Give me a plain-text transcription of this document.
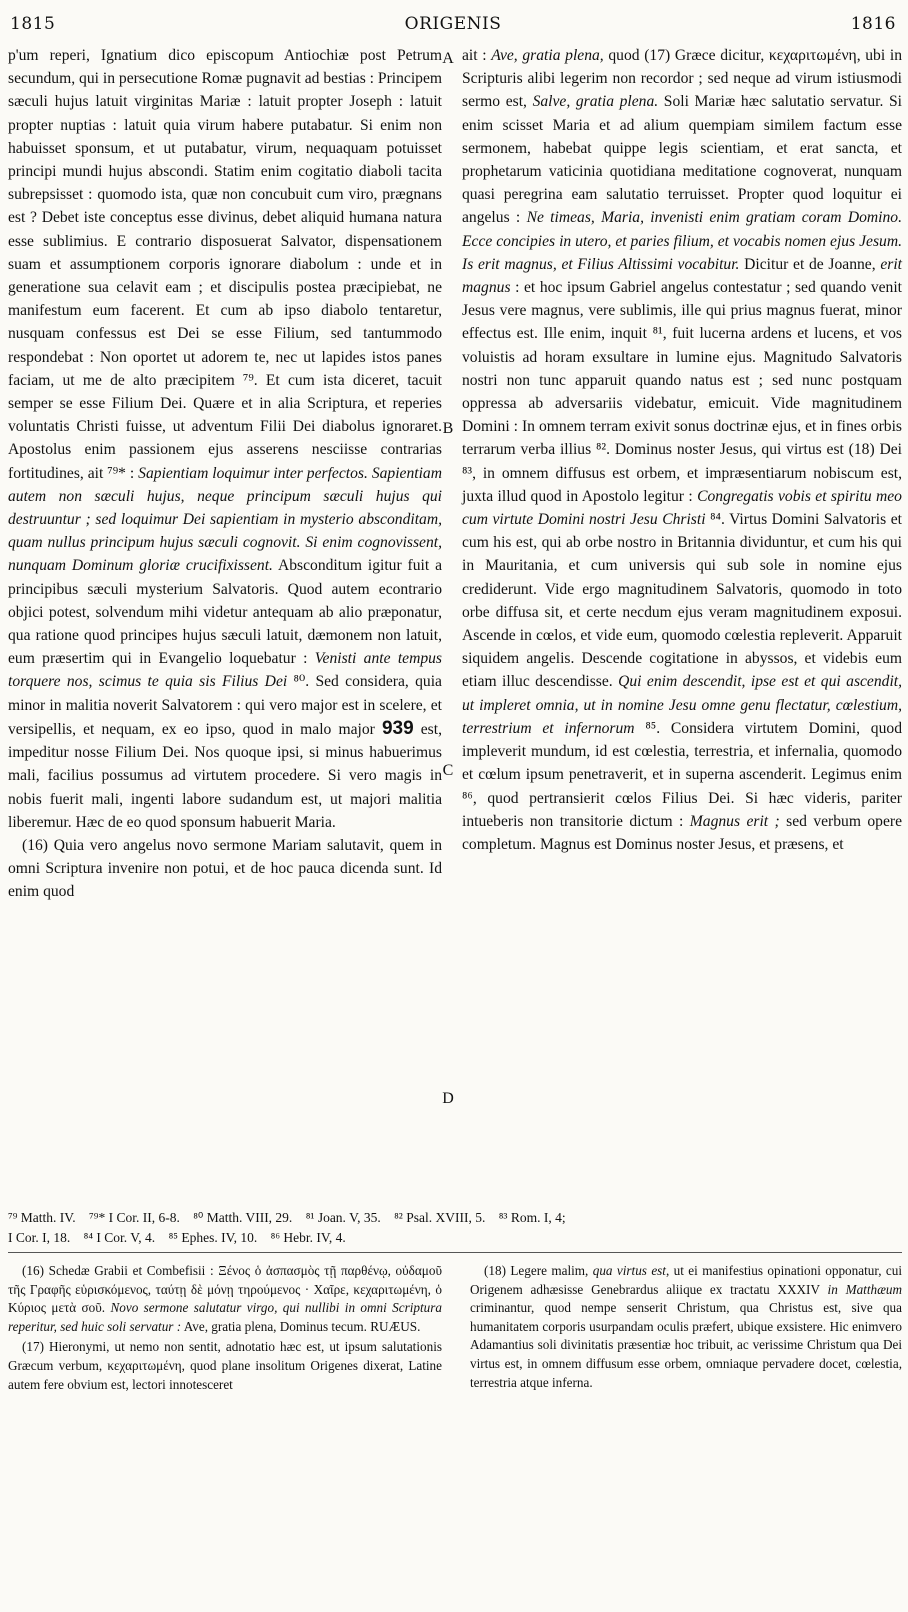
1815	ORIGENIS	1816
A
B
C
D

p'um reperi, Ignatium dico episcopum Antiochiæ post Petrum secundum, qui in persecutione Romæ pugnavit ad bestias : Principem sæculi hujus latuit virginitas Mariæ : latuit propter Joseph : latuit propter nuptias : latuit quia virum habere putabatur. Si enim non habuisset sponsum, et ut putabatur, virum, nequaquam potuisset principi mundi hujus abscondi. Statim enim cogitatio diaboli tacita subrepsisset : quomodo ista, quæ non concubuit cum viro, prægnans est ? Debet iste conceptus esse divinus, debet aliquid humana natura esse sublimius. E contrario disposuerat Salvator, dispensationem suam et assumptionem corporis ignorare diabolum : unde et in generatione sua celavit eam ; et discipulis postea præcipiebat, ne manifestum eum facerent. Et cum ab ipso diabolo tentaretur, nusquam confessus est Dei se esse Filium, sed tantummodo respondebat : Non oportet ut adorem te, nec ut lapides istos panes faciam, ut me de alto præcipitem ⁷⁹. Et cum ista diceret, tacuit semper se esse Filium Dei. Quære et in alia Scriptura, et reperies voluntatis Christi fuisse, ut adventum Filii Dei diabolus ignoraret. Apostolus enim passionem ejus asserens nesciisse contrarias fortitudines, ait ⁷⁹* : Sapientiam loquimur inter perfectos. Sapientiam autem non sæculi hujus, neque principum sæculi hujus qui destruuntur ; sed loquimur Dei sapientiam in mysterio absconditam, quam nullus principum hujus sæculi cognovit. Si enim cognovissent, nunquam Dominum gloriæ crucifixissent. Absconditum igitur fuit a principibus sæculi mysterium Salvatoris. Quod autem econtrario objici potest, solvendum mihi videtur antequam ab alio præponatur, qua ratione quod principes hujus sæculi latuit, dæmonem non latuit, eum præsertim qui in Evangelio loquebatur : Venisti ante tempus torquere nos, scimus te quia sis Filius Dei ⁸⁰. Sed considera, quia minor in malitia noverit Salvatorem : qui vero major est in scelere, et versipellis, et nequam, ex eo ipso, quod in malo major 939 est, impeditur nosse Filium Dei. Nos quoque ipsi, si minus habuerimus mali, facilius possumus ad virtutem procedere. Si vero magis in nobis fuerit mali, ingenti labore sudandum est, ut majori malitia liberemur. Hæc de eo quod sponsum habuerit Maria.

(16) Quia vero angelus novo sermone Mariam salutavit, quem in omni Scriptura invenire non potui, et de hoc pauca dicenda sunt. Id enim quod

ait : Ave, gratia plena, quod (17) Græce dicitur, κεχαριτωμένη, ubi in Scripturis alibi legerim non recordor ; sed neque ad virum istiusmodi sermo est, Salve, gratia plena. Soli Mariæ hæc salutatio servatur. Si enim scisset Maria et ad alium quempiam similem factum esse sermonem, habebat quippe legis scientiam, et erat sancta, et prophetarum vaticinia quotidiana meditatione cognoverat, nunquam quasi peregrina eam salutatio terruisset. Propter quod loquitur ei angelus : Ne timeas, Maria, invenisti enim gratiam coram Domino. Ecce concipies in utero, et paries filium, et vocabis nomen ejus Jesum. Is erit magnus, et Filius Altissimi vocabitur. Dicitur et de Joanne, erit magnus : et hoc ipsum Gabriel angelus contestatur ; sed quando venit Jesus vere magnus, vere sublimis, ille qui prius magnus fuerat, minor effectus est. Ille enim, inquit ⁸¹, fuit lucerna ardens et lucens, et vos voluistis ad horam exsultare in lumine ejus. Magnitudo Salvatoris nostri non tunc apparuit quando natus est ; sed nunc postquam oppressa ab adversariis videbatur, emicuit. Vide magnitudinem Domini : In omnem terram exivit sonus doctrinæ ejus, et in fines orbis terrarum verba illius ⁸². Dominus noster Jesus, qui virtus est (18) Dei ⁸³, in omnem diffusus est orbem, et impræsentiarum nobiscum est, juxta illud quod in Apostolo legitur : Congregatis vobis et spiritu meo cum virtute Domini nostri Jesu Christi ⁸⁴. Virtus Domini Salvatoris et cum his est, qui ab orbe nostro in Britannia dividuntur, et cum his qui in Mauritania, et cum universis qui sub sole in nomine ejus crediderunt. Vide ergo magnitudinem Salvatoris, quomodo in toto orbe diffusa sit, et certe necdum ejus veram magnitudinem exposui. Ascende in cœlos, et vide eum, quomodo cœlestia repleverit. Apparuit siquidem angelis. Descende cogitatione in abyssos, et videbis eum etiam illuc descendisse. Qui enim descendit, ipse est et qui ascendit, ut impleret omnia, ut in nomine Jesu omne genu flectatur, cœlestium, terrestrium et infernorum ⁸⁵. Considera virtutem Domini, quod impleverit mundum, id est cœlestia, terrestria, et infernalia, quomodo et cœlum ipsum penetraverit, et in superna ascenderit. Legimus enim ⁸⁶, quod pertransierit cœlos Filius Dei. Si hæc videris, pariter intueberis non transitorie dictum : Magnus erit ; sed verbum opere completum. Magnus est Dominus noster Jesus, et præsens, et

⁷⁹ Matth. IV. ⁷⁹* I Cor. II, 6-8. ⁸⁰ Matth. VIII, 29. ⁸¹ Joan. V, 35. ⁸² Psal. XVIII, 5. ⁸³ Rom. I, 4;
I Cor. I, 18. ⁸⁴ I Cor. V, 4. ⁸⁵ Ephes. IV, 10. ⁸⁶ Hebr. IV, 4.

(16) Schedæ Grabii et Combefisii : Ξένος ὁ ἀσπασμὸς τῇ παρθένῳ, οὐδαμοῦ τῆς Γραφῆς εὑρισκόμενος, ταύτῃ δὲ μόνῃ τηρούμενος · Χαῖρε, κεχαριτωμένη, ὁ Κύριος μετὰ σοῦ. Novo sermone salutatur virgo, qui nullibi in omni Scriptura reperitur, sed huic soli servatur : Ave, gratia plena, Dominus tecum. RUÆUS.

(17) Hieronymi, ut nemo non sentit, adnotatio hæc est, ut ipsum salutationis Græcum verbum, κεχαριτωμένη, quod plane insolitum Origenes dixerat, Latine autem fere obvium est, lectori innotesceret

(18) Legere malim, qua virtus est, ut ei manifestius opinationi opponatur, cui Origenem adhæsisse Genebrardus aliique ex tractatu XXXIV in Matthæum criminantur, quod nempe senserit Christum, qua Christus est, sive qua humanitatem corporis usurpandam oculis præfert, ubique exsistere. Hic enimvero Adamantius soli divinitatis præsentiæ hoc tribuit, ac verissime Christum qua Dei virtus est, in omnem diffusum esse orbem, omniaque pervadere docet, cœlestia, terrestria atque inferna.
